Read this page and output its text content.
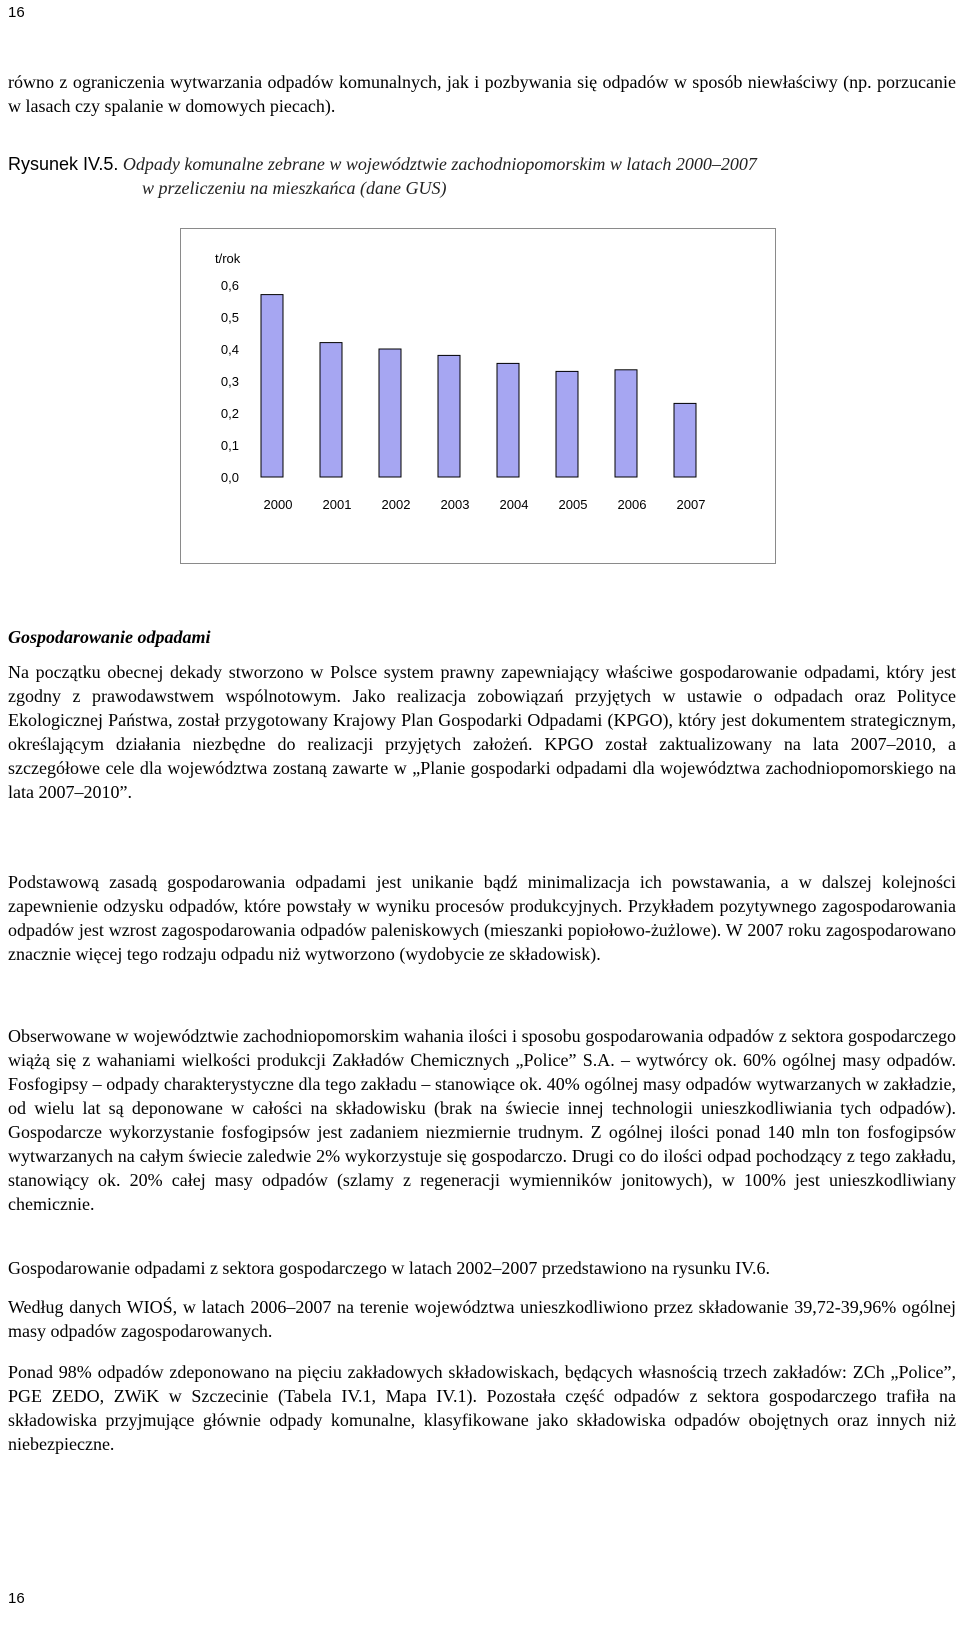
16

równo z ograniczenia wytwarzania odpadów komunalnych, jak i pozbywania się odpadów w sposób niewłaściwy (np. porzucanie w lasach czy spalanie w domowych piecach).

Rysunek IV.5. Odpady komunalne zebrane w województwie zachodniopomorskim w latach 2000–2007
w przeliczeniu na mieszkańca (dane GUS)
t/rok
0,0
0,1
0,2
0,3
0,4
0,5
0,6
2000 2001 2002 2003 2004 2005 2006 2007
Gospodarowanie odpadami

Na początku obecnej dekady stworzono w Polsce system prawny zapewniający właściwe gospodarowanie odpadami, który jest zgodny z prawodawstwem wspólnotowym. Jako realizacja zobowiązań przyjętych w ustawie o odpadach oraz Polityce Ekologicznej Państwa, został przygotowany Krajowy Plan Gospodarki Odpadami (KPGO), który jest dokumentem strategicznym, określającym działania niezbędne do realizacji przyjętych założeń. KPGO został zaktualizowany na lata 2007–2010, a szczegółowe cele dla województwa zostaną zawarte w „Planie gospodarki odpadami dla województwa zachodniopomorskiego na lata 2007–2010”.

Podstawową zasadą gospodarowania odpadami jest unikanie bądź minimalizacja ich powstawania, a w dalszej kolejności zapewnienie odzysku odpadów, które powstały w wyniku procesów produkcyjnych. Przykładem pozytywnego zagospodarowania odpadów jest wzrost zagospodarowania odpadów paleniskowych (mieszanki popiołowo-żużlowe). W 2007 roku zagospodarowano znacznie więcej tego rodzaju odpadu niż wytworzono (wydobycie ze składowisk).

Obserwowane w województwie zachodniopomorskim wahania ilości i sposobu gospodarowania odpadów z sektora gospodarczego wiążą się z wahaniami wielkości produkcji Zakładów Chemicznych „Police” S.A. – wytwórcy ok. 60% ogólnej masy odpadów. Fosfogipsy – odpady charakterystyczne dla tego zakładu – stanowiące ok. 40% ogólnej masy odpadów wytwarzanych w zakładzie, od wielu lat są deponowane w całości na składowisku (brak na świecie innej technologii unieszkodliwiania tych odpadów). Gospodarcze wykorzystanie fosfogipsów jest zadaniem niezmiernie trudnym. Z ogólnej ilości ponad 140 mln ton fosfogipsów wytwarzanych na całym świecie zaledwie 2% wykorzystuje się gospodarczo. Drugi co do ilości odpad pochodzący z tego zakładu, stanowiący ok. 20% całej masy odpadów (szlamy z regeneracji wymienników jonitowych), w 100% jest unieszkodliwiany chemicznie.

Gospodarowanie odpadami z sektora gospodarczego w latach 2002–2007 przedstawiono na rysunku IV.6.

Według danych WIOŚ, w latach 2006–2007 na terenie województwa unieszkodliwiono przez składowanie 39,72-39,96% ogólnej masy odpadów zagospodarowanych.

Ponad 98% odpadów zdeponowano na pięciu zakładowych składowiskach, będących własnością trzech zakładów: ZCh „Police”, PGE ZEDO, ZWiK w Szczecinie (Tabela IV.1, Mapa IV.1). Pozostała część odpadów z sektora gospodarczego trafiła na składowiska przyjmujące głównie odpady komunalne, klasyfikowane jako składowiska odpadów obojętnych oraz innych niż niebezpieczne.

16
